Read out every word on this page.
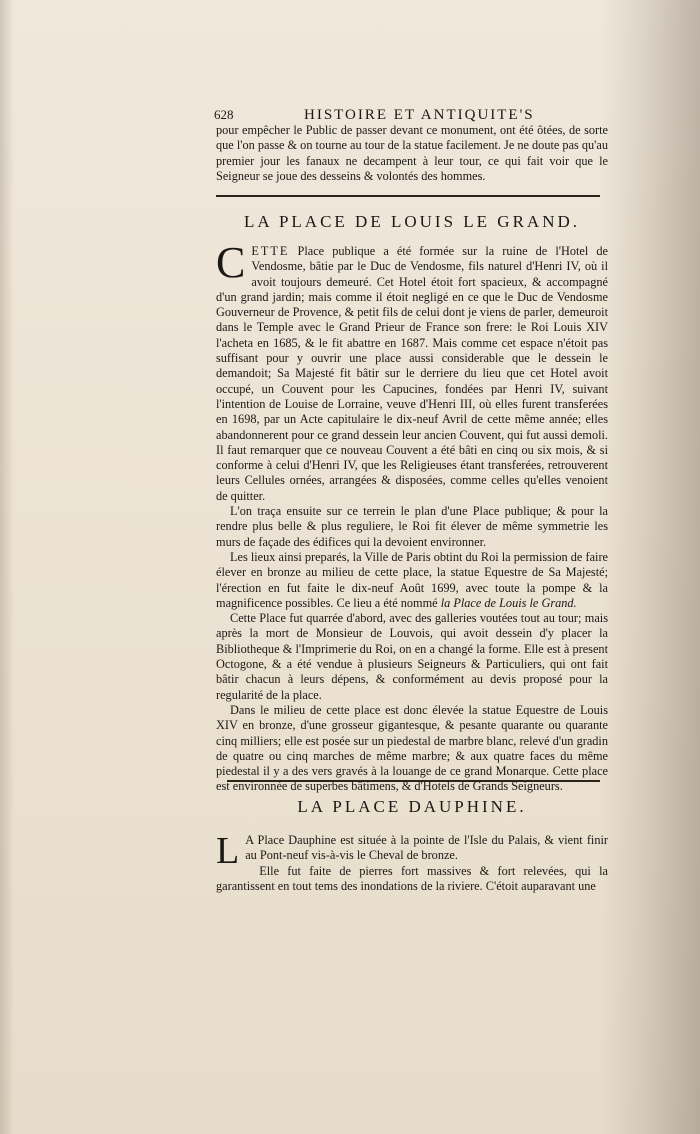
628	HISTOIRE ET ANTIQUITE'S

pour empêcher le Public de passer devant ce monument, ont été ôtées, de sorte que l'on passe & on tourne au tour de la statue facilement. Je ne doute pas qu'au premier jour les fanaux ne decampent à leur tour, ce qui fait voir que le Seigneur se joue des desseins & volontés des hommes.

LA PLACE DE LOUIS LE GRAND.

CETTE Place publique a été formée sur la ruine de l'Hotel de Vendosme, bâtie par le Duc de Vendosme, fils naturel d'Henri IV, où il avoit toujours demeuré. Cet Hotel étoit fort spacieux, & accompagné d'un grand jardin; mais comme il étoit negligé en ce que le Duc de Vendosme Gouverneur de Provence, & petit fils de celui dont je viens de parler, demeuroit dans le Temple avec le Grand Prieur de France son frere: le Roi Louis XIV l'acheta en 1685, & le fit abattre en 1687. Mais comme cet espace n'étoit pas suffisant pour y ouvrir une place aussi considerable que le dessein le demandoit; Sa Majesté fit bâtir sur le derriere du lieu que cet Hotel avoit occupé, un Couvent pour les Capucines, fondées par Henri IV, suivant l'intention de Louise de Lorraine, veuve d'Henri III, où elles furent transferées en 1698, par un Acte capitulaire le dix-neuf Avril de cette même année; elles abandonnerent pour ce grand dessein leur ancien Couvent, qui fut aussi demoli. Il faut remarquer que ce nouveau Couvent a été bâti en cinq ou six mois, & si conforme à celui d'Henri IV, que les Religieuses étant transferées, retrouverent leurs Cellules ornées, arrangées & disposées, comme celles qu'elles venoient de quitter.

L'on traça ensuite sur ce terrein le plan d'une Place publique; & pour la rendre plus belle & plus reguliere, le Roi fit élever de même symmetrie les murs de façade des édifices qui la devoient environner.

Les lieux ainsi preparés, la Ville de Paris obtint du Roi la permission de faire élever en bronze au milieu de cette place, la statue Equestre de Sa Majesté; l'érection en fut faite le dix-neuf Août 1699, avec toute la pompe & la magnificence possibles. Ce lieu a été nommé la Place de Louis le Grand.

Cette Place fut quarrée d'abord, avec des galleries voutées tout au tour; mais après la mort de Monsieur de Louvois, qui avoit dessein d'y placer la Bibliotheque & l'Imprimerie du Roi, on en a changé la forme. Elle est à present Octogone, & a été vendue à plusieurs Seigneurs & Particuliers, qui ont fait bâtir chacun à leurs dépens, & conformément au devis proposé pour la regularité de la place.

Dans le milieu de cette place est donc élevée la statue Equestre de Louis XIV en bronze, d'une grosseur gigantesque, & pesante quarante ou quarante cinq milliers; elle est posée sur un piedestal de marbre blanc, relevé d'un gradin de quatre ou cinq marches de même marbre; & aux quatre faces du même piedestal il y a des vers gravés à la louange de ce grand Monarque. Cette place est environnée de superbes bâtimens, & d'Hotels de Grands Seigneurs.

LA PLACE DAUPHINE.

L A Place Dauphine est située à la pointe de l'Isle du Palais, & vient finir au Pont-neuf vis-à-vis le Cheval de bronze.

Elle fut faite de pierres fort massives & fort relevées, qui la garantissent en tout tems des inondations de la riviere. C'étoit auparavant une
